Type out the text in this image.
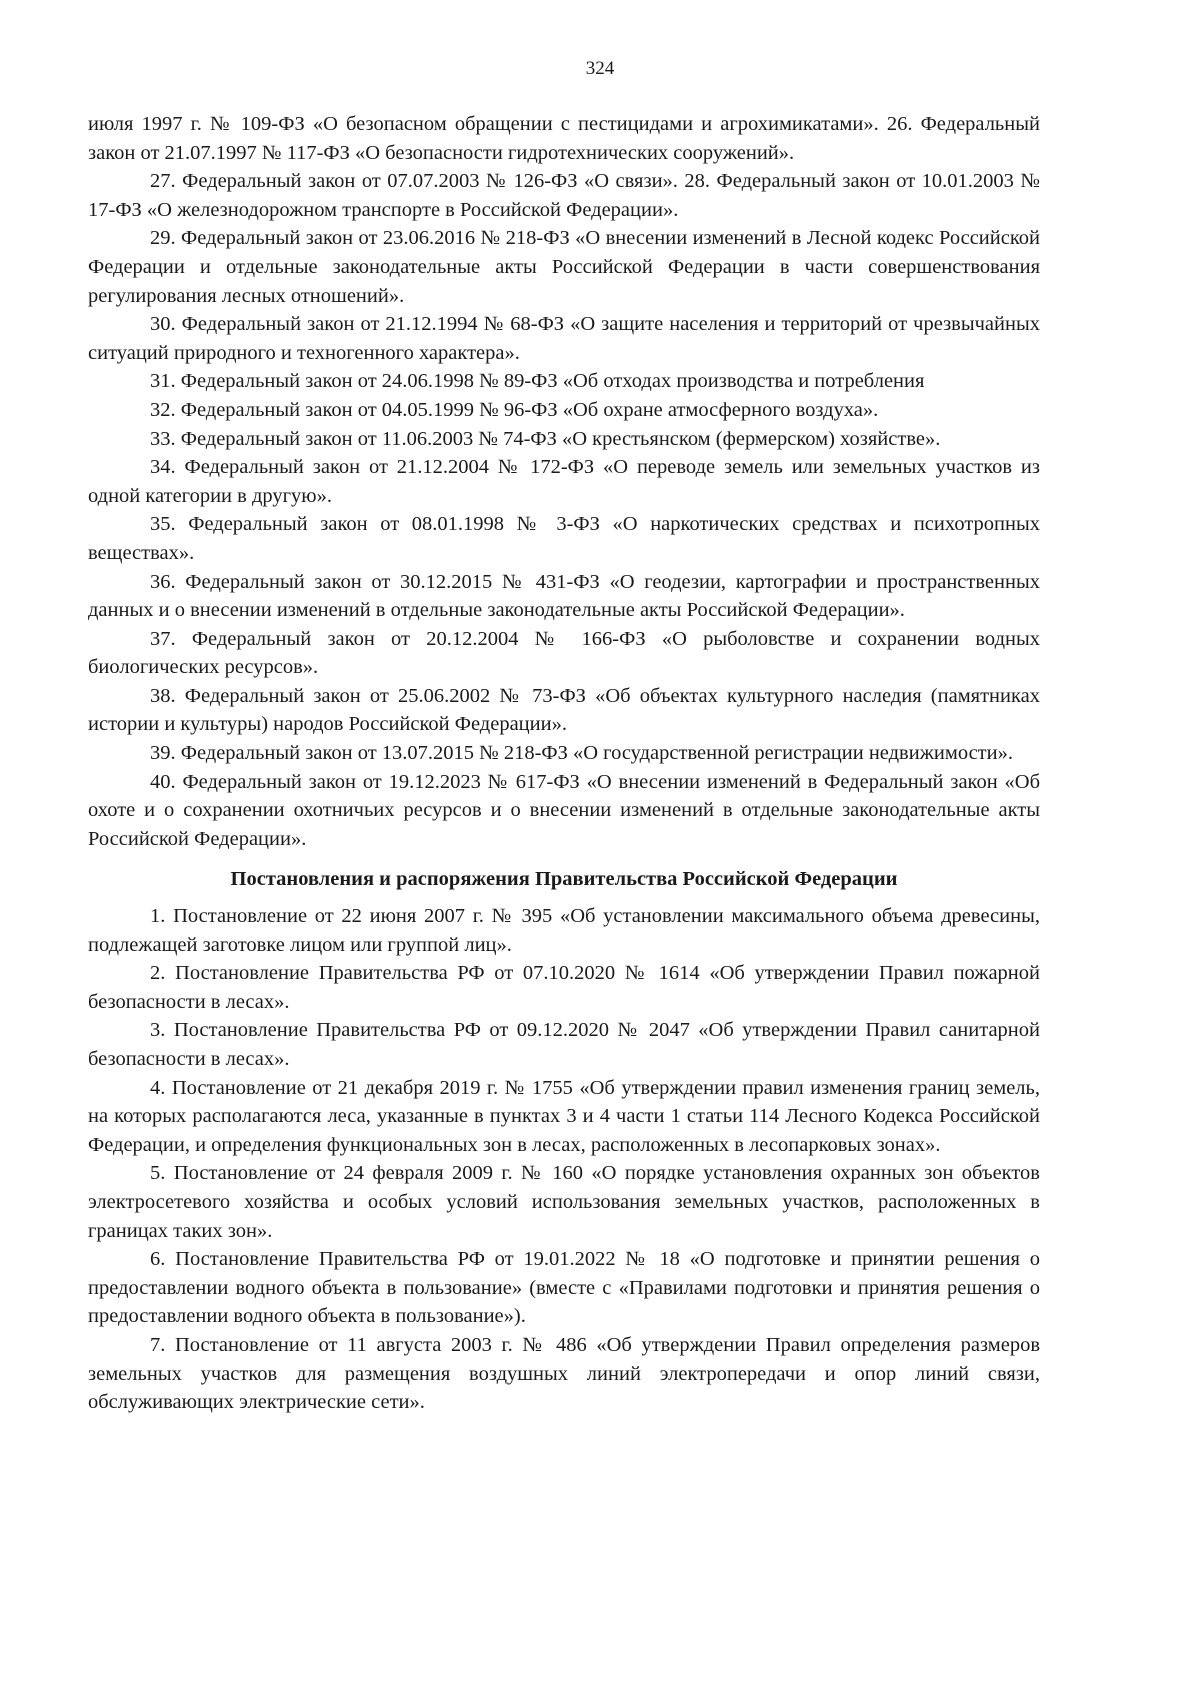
324

июля 1997 г. № 109-ФЗ «О безопасном обращении с пестицидами и агрохимикатами». 26. Федеральный закон от 21.07.1997 № 117-ФЗ «О безопасности гидротехнических сооружений».

27. Федеральный закон от 07.07.2003 № 126-ФЗ «О связи». 28. Федеральный закон от 10.01.2003 № 17-ФЗ «О железнодорожном транспорте в Российской Федерации».

29. Федеральный закон от 23.06.2016 № 218-ФЗ «О внесении изменений в Лесной кодекс Российской Федерации и отдельные законодательные акты Российской Федерации в части совершенствования регулирования лесных отношений».

30. Федеральный закон от 21.12.1994 № 68-ФЗ «О защите населения и территорий от чрезвычайных ситуаций природного и техногенного характера».

31. Федеральный закон от 24.06.1998 № 89-ФЗ «Об отходах производства и потребления

32. Федеральный закон от 04.05.1999 № 96-ФЗ «Об охране атмосферного воздуха».

33. Федеральный закон от 11.06.2003 № 74-ФЗ «О крестьянском (фермерском) хозяйстве».

34. Федеральный закон от 21.12.2004 № 172-ФЗ «О переводе земель или земельных участков из одной категории в другую».

35. Федеральный закон от 08.01.1998 № 3-ФЗ «О наркотических средствах и психотропных веществах».

36. Федеральный закон от 30.12.2015 № 431-ФЗ «О геодезии, картографии и пространственных данных и о внесении изменений в отдельные законодательные акты Российской Федерации».

37. Федеральный закон от 20.12.2004 № 166-ФЗ «О рыболовстве и сохранении водных биологических ресурсов».

38. Федеральный закон от 25.06.2002 № 73-ФЗ «Об объектах культурного наследия (памятниках истории и культуры) народов Российской Федерации».

39. Федеральный закон от 13.07.2015 № 218-ФЗ «О государственной регистрации недвижимости».

40. Федеральный закон от 19.12.2023 № 617-ФЗ «О внесении изменений в Федеральный закон «Об охоте и о сохранении охотничьих ресурсов и о внесении изменений в отдельные законодательные акты Российской Федерации».

Постановления и распоряжения Правительства Российской Федерации

1. Постановление от 22 июня 2007 г. № 395 «Об установлении максимального объема древесины, подлежащей заготовке лицом или группой лиц».

2. Постановление Правительства РФ от 07.10.2020 № 1614 «Об утверждении Правил пожарной безопасности в лесах».

3. Постановление Правительства РФ от 09.12.2020 № 2047 «Об утверждении Правил санитарной безопасности в лесах».

4. Постановление от 21 декабря 2019 г. № 1755 «Об утверждении правил изменения границ земель, на которых располагаются леса, указанные в пунктах 3 и 4 части 1 статьи 114 Лесного Кодекса Российской Федерации, и определения функциональных зон в лесах, расположенных в лесопарковых зонах».

5. Постановление от 24 февраля 2009 г. № 160 «О порядке установления охранных зон объектов электросетевого хозяйства и особых условий использования земельных участков, расположенных в границах таких зон».

6. Постановление Правительства РФ от 19.01.2022 № 18 «О подготовке и принятии решения о предоставлении водного объекта в пользование» (вместе с «Правилами подготовки и принятия решения о предоставлении водного объекта в пользование»).

7. Постановление от 11 августа 2003 г. № 486 «Об утверждении Правил определения размеров земельных участков для размещения воздушных линий электропередачи и опор линий связи, обслуживающих электрические сети».
